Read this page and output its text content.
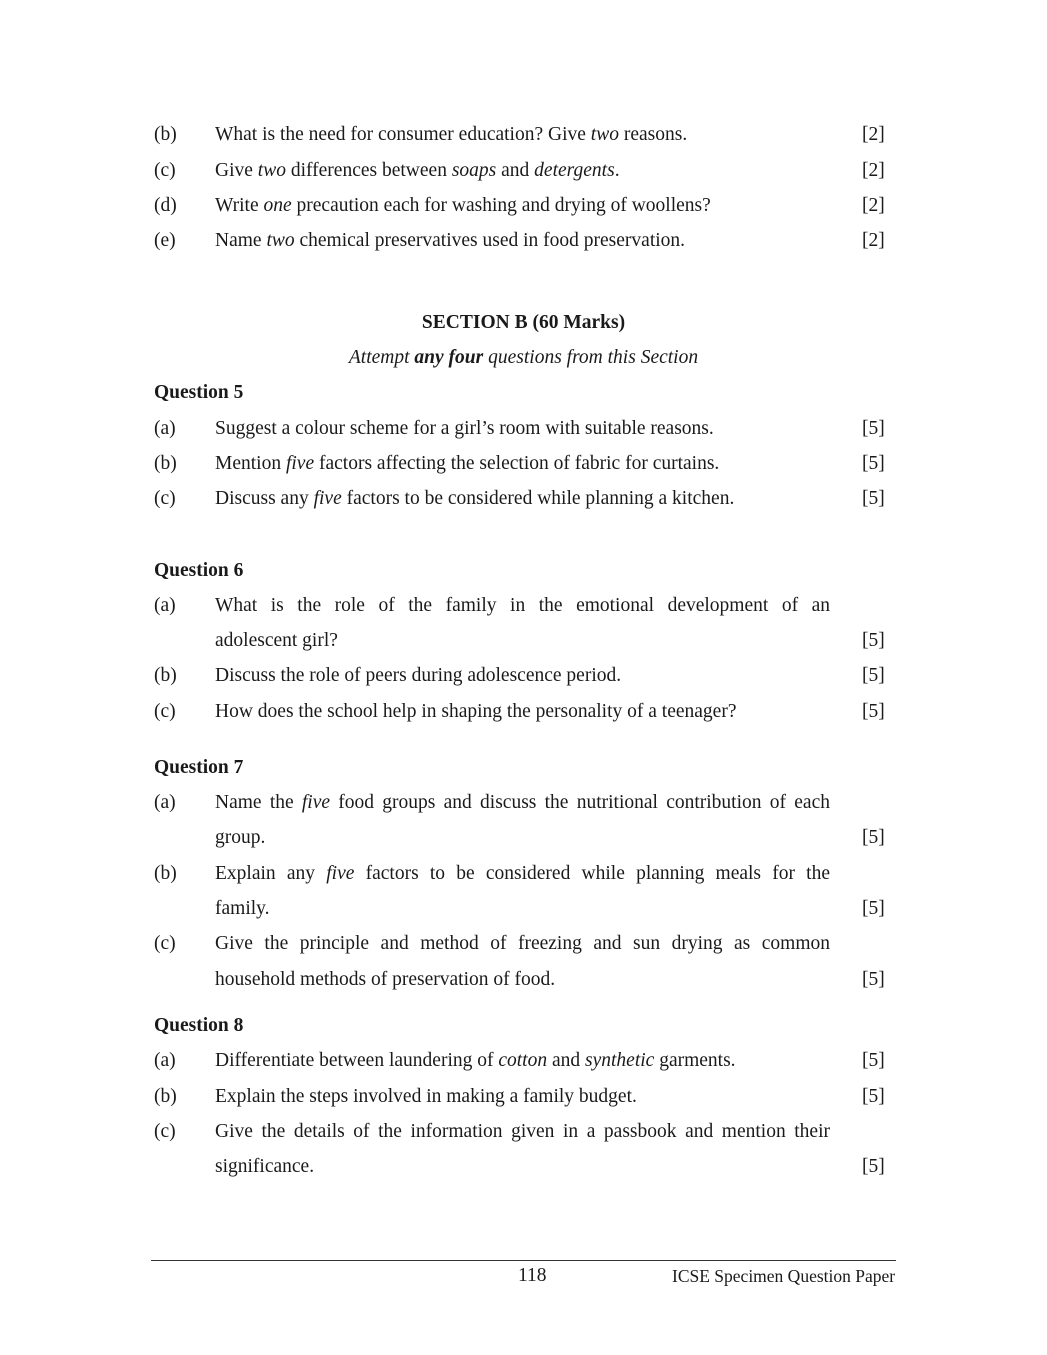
SECTION B (60 Marks)
Attempt any four questions from this Section
118	ICSE Specimen Question Paper
(b) What is the need for consumer education? Give two reasons.	[2]
(c) Give two differences between soaps and detergents.	[2]
(d) Write one precaution each for washing and drying of woollens?	[2]
(e) Name two chemical preservatives used in food preservation.	[2]
Question 5
(a) Suggest a colour scheme for a girl’s room with suitable reasons.	[5]
(b) Mention five factors affecting the selection of fabric for curtains.	[5]
(c) Discuss any five factors to be considered while planning a kitchen.	[5]
Question 6
(a) What is the role of the family in the emotional development of an
adolescent girl?	[5]
(b) Discuss the role of peers during adolescence period.	[5]
(c) How does the school help in shaping the personality of a teenager?	[5]
Question 7
(a) Name the five food groups and discuss the nutritional contribution of each
group.	[5]
(b) Explain any five factors to be considered while planning meals for the
family.	[5]
(c) Give the principle and method of freezing and sun drying as common
household methods of preservation of food.	[5]
Question 8
(a) Differentiate between laundering of cotton and synthetic garments.	[5]
(b) Explain the steps involved in making a family budget.	[5]
(c) Give the details of the information given in a passbook and mention their
significance.	[5]
